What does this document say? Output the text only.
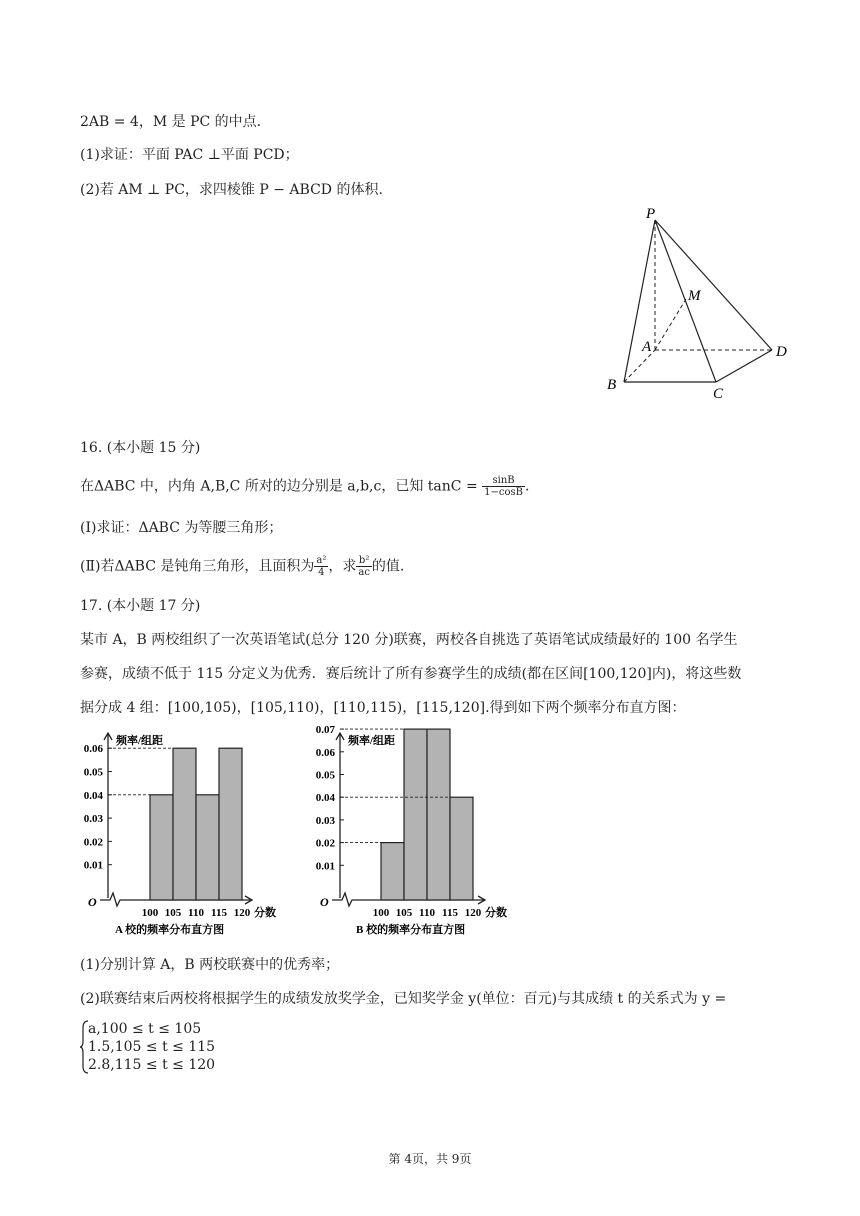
2AB = 4，M 是 PC 的中点.
(1)求证：平面 PAC ⊥平面 PCD；
(2)若 AM ⊥ PC，求四棱锥 P − ABCD 的体积.
P
M
A	D
B
C
16. (本小题 15 分)
在ΔABC 中，内角 A,B,C 所对的边分别是 a,b,c，已知 $\tan C = \frac{\sin B}{1-\cos B}$ .
(Ⅰ)求证：ΔABC 为等腰三角形；
(Ⅱ)若ΔABC 是钝角三角形，且面积为 $\frac{\text{a²}}{4}$ ，求 $\frac{\text{b²}}{ac}$ 的值.
17. (本小题 17 分)
某市 A，B 两校组织了一次英语笔试(总分 120 分)联赛，两校各自挑选了英语笔试成绩最好的 100 名学生
参赛，成绩不低于 115 分定义为优秀．赛后统计了所有参赛学生的成绩(都在区间[100,120]内)，将这些数
据分成 4 组：[100,105)，[105,110)，[110,115)，[115,120].得到如下两个频率分布直方图：
O
频率/组距
0.01
0.02
0.03
0.04
0.05
0.06
100 105 110 115 120 分数
A 校的频率分布直方图
O
频率/组距
0.01
0.02
0.03
0.04
0.05
0.06
0.07
100 105 110 115 120 分数
B 校的频率分布直方图
(1)分别计算 A，B 两校联赛中的优秀率；
(2)联赛结束后两校将根据学生的成绩发放奖学金，已知奖学金 y(单位：百元)与其成绩 t 的关系式为 y =
a,100 ≤ t ≤ 105
1.5,105 ≤ t ≤ 115
2.8,115 ≤ t ≤ 120
第 4页，共 9页
